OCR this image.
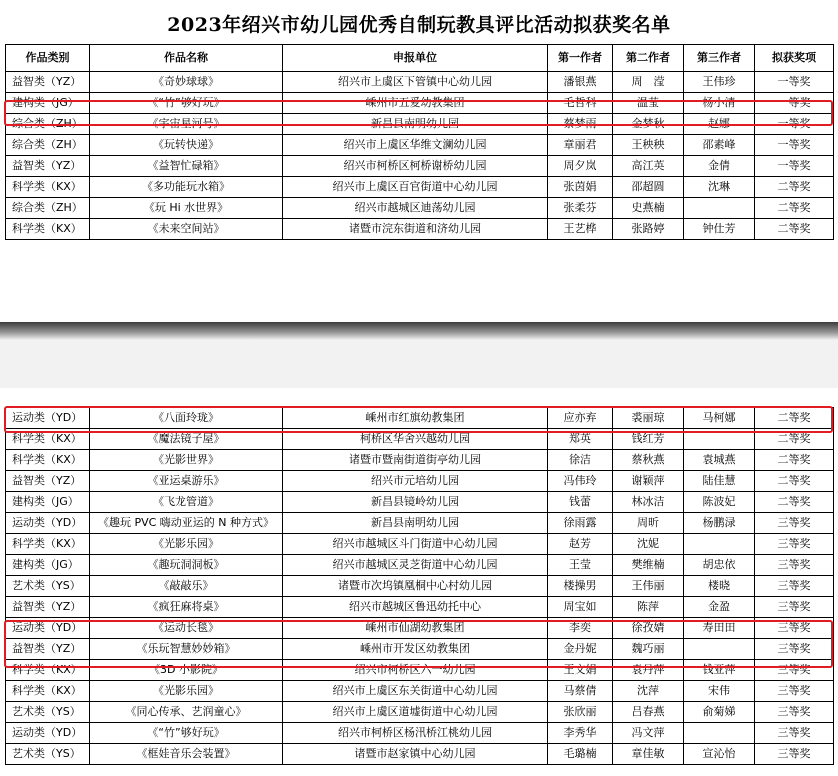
2023年绍兴市幼儿园优秀自制玩教具评比活动拟获奖名单
作品类别	作品名称	申报单位	第一作者	第二作者	第三作者	拟获奖项
益智类（YZ）	《奇妙球球》	绍兴市上虞区下管镇中心幼儿园	潘银燕	周　滢	王伟珍	一等奖
建构类（JG）	《“竹”够好玩》	嵊州市五爱幼教集团	毛哲科	温莹	杨小清	一等奖
综合类（ZH）	《宇宙星河号》	新昌县南明幼儿园	蔡梦雨	金梦秋	赵娜	一等奖
综合类（ZH）	《玩转快递》	绍兴市上虞区华维文澜幼儿园	章丽君	王秧秧	邵素峰	一等奖
益智类（YZ）	《益智忙碌箱》	绍兴市柯桥区柯桥谢桥幼儿园	周夕岚	高江英	金倩	一等奖
科学类（KX）	《多功能玩水箱》	绍兴市上虞区百官街道中心幼儿园	张茵娟	邵超圆	沈琳	二等奖
综合类（ZH）	《玩 Hi 水世界》	绍兴市越城区迪荡幼儿园	张柔芬	史燕楠		二等奖
科学类（KX）	《未来空间站》	诸暨市浣东街道和济幼儿园	王艺桦	张路婷	钟仕芳	二等奖
运动类（YD）	《八面玲珑》	嵊州市红旗幼教集团	应亦弃	裘丽琼	马柯娜	二等奖
科学类（KX）	《魔法镜子屋》	柯桥区华舍兴越幼儿园	郑英	钱红芳		二等奖
科学类（KX）	《光影世界》	诸暨市暨南街道街亭幼儿园	徐洁	蔡秋燕	袁城燕	二等奖
益智类（YZ）	《亚运桌游乐》	绍兴市元培幼儿园	冯伟玲	谢颖萍	陆佳慧	二等奖
建构类（JG）	《飞龙管道》	新昌县镜岭幼儿园	钱蕾	林冰洁	陈波妃	二等奖
运动类（YD）	《趣玩 PVC 嗨动亚运的 N 种方式》	新昌县南明幼儿园	徐雨露	周昕	杨鹏渌	三等奖
科学类（KX）	《光影乐园》	绍兴市越城区斗门街道中心幼儿园	赵芳	沈妮		三等奖
建构类（JG）	《趣玩洞洞板》	绍兴市越城区灵芝街道中心幼儿园	王莹	樊维楠	胡忠依	三等奖
艺术类（YS）	《敲敲乐》	诸暨市次坞镇凰桐中心村幼儿园	楼操男	王伟丽	楼晓	三等奖
益智类（YZ）	《疯狂麻将桌》	绍兴市越城区鲁迅幼托中心	周宝如	陈萍	金盈	三等奖
运动类（YD）	《运动长毯》	嵊州市仙湖幼教集团	李奕	徐孜婧	寿田田	三等奖
益智类（YZ）	《乐玩智慧妙妙箱》	嵊州市开发区幼教集团	金丹妮	魏巧丽		三等奖
科学类（KX）	《3D 小影院》	绍兴市柯桥区六一幼儿园	王文娟	袁丹萍	钱亚萍	三等奖
科学类（KX）	《光影乐园》	绍兴市上虞区东关街道中心幼儿园	马蔡倩	沈萍	宋伟	三等奖
艺术类（YS）	《同心传承、艺润童心》	绍兴市上虞区道墟街道中心幼儿园	张欣丽	吕春燕	俞菊娣	三等奖
运动类（YD）	《“竹”够好玩》	绍兴市柯桥区杨汛桥江桃幼儿园	李秀华	冯文萍		三等奖
艺术类（YS）	《框娃音乐会装置》	诸暨市赵家镇中心幼儿园	毛璐楠	章佳敏	宣沁怡	三等奖
